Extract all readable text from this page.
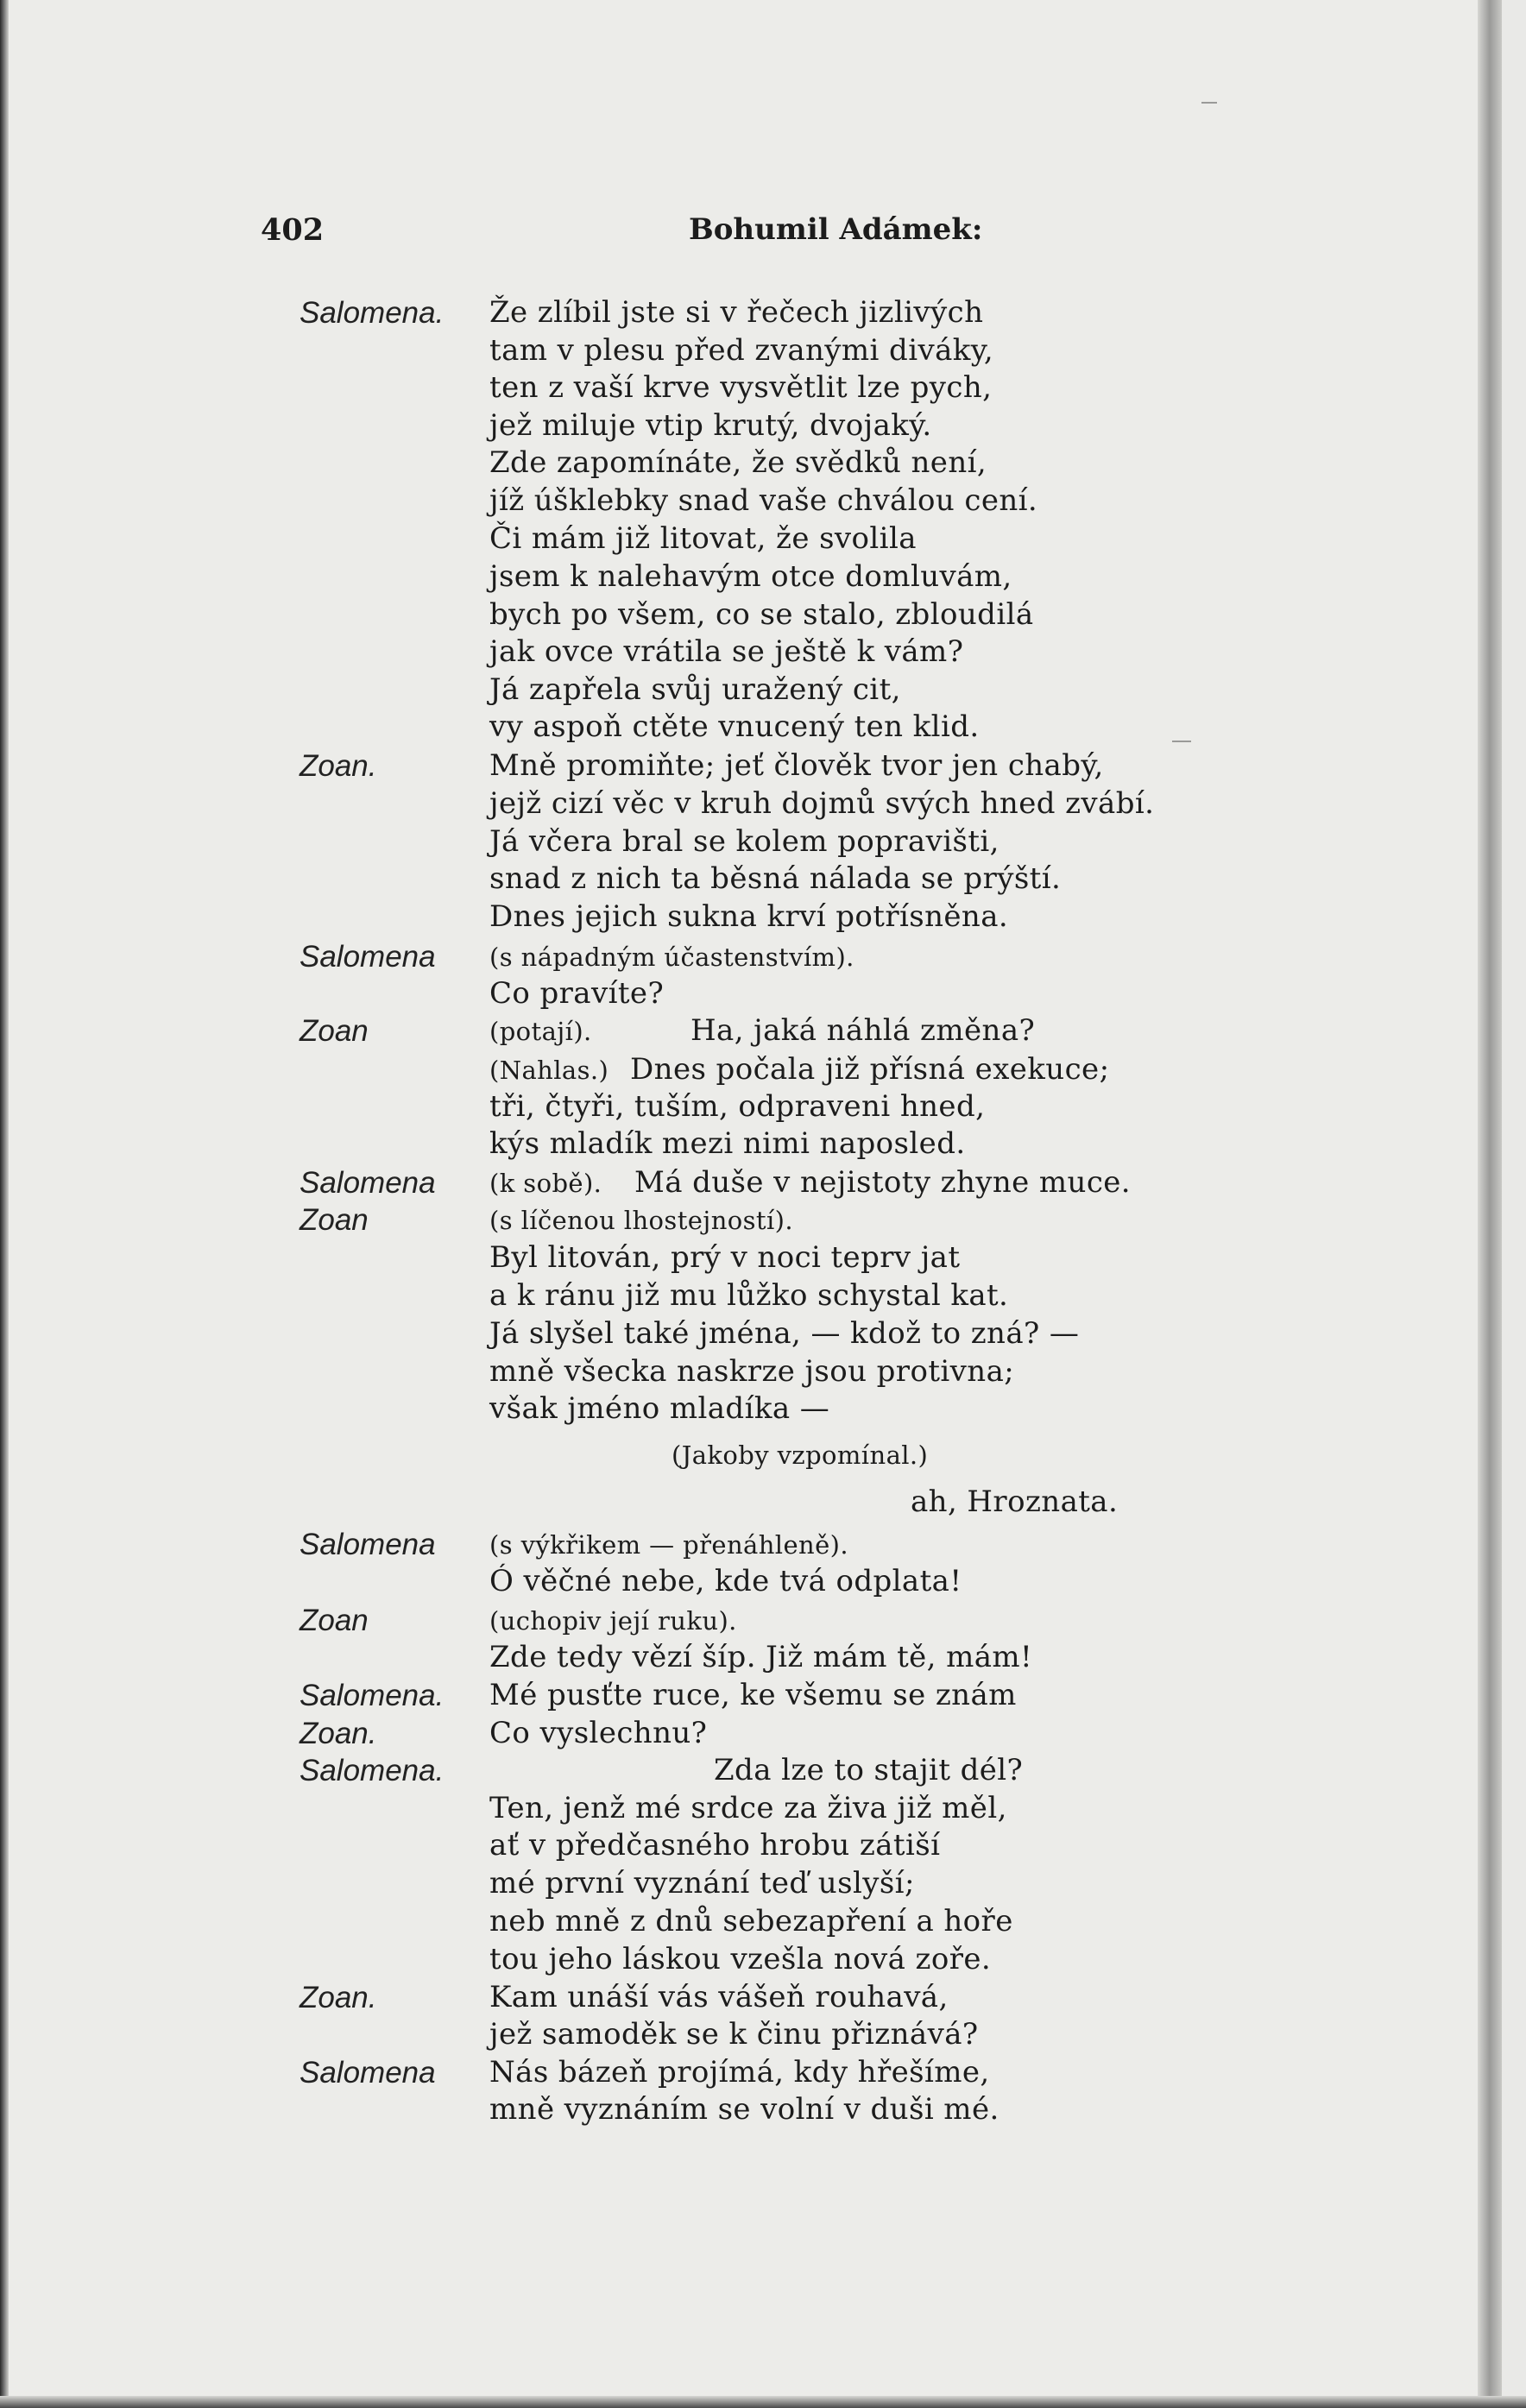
402	Bohumil Adámek:
Že zlíbil jste si v řečech jizlivých
tam v plesu před zvanými diváky,
ten z vaší krve vysvětlit lze pych,
jež miluje vtip krutý, dvojaký.
Zde zapomínáte, že svědků není,
jíž úšklebky snad vaše chválou cení.
Či mám již litovat, že svolila
jsem k nalehavým otce domluvám,
bych po všem, co se stalo, zbloudilá
jak ovce vrátila se ještě k vám?
Já zapřela svůj uražený cit,
vy aspoň ctěte vnucený ten klid.
Mně promiňte; jeť člověk tvor jen chabý,
jejž cizí věc v kruh dojmů svých hned zvábí.
Já včera bral se kolem popravišti,
snad z nich ta běsná nálada se prýští.
Dnes jejich sukna krví potřísněna.
(s nápadným účastenstvím).
Co pravíte?
(potají).	Ha, jaká náhlá změna?
(Nahlas.) Dnes počala již přísná exekuce;
tři, čtyři, tuším, odpraveni hned,
kýs mladík mezi nimi naposled.
(k sobě). Má duše v nejistoty zhyne muce.
(s líčenou lhostejností).
Byl litován, prý v noci teprv jat
a k ránu již mu lůžko schystal kat.
Já slyšel také jména, — kdož to zná? —
mně všecka naskrze jsou protivna;
však jméno mladíka —
(Jakoby vzpomínal.)
ah, Hroznata.
(s výkřikem — přenáhleně).
Ó věčné nebe, kde tvá odplata!
(uchopiv její ruku).
Zde tedy vězí šíp. Již mám tě, mám!
Mé pusťte ruce, ke všemu se znám
Co vyslechnu?
Zda lze to stajit dél?
Ten, jenž mé srdce za živa již měl,
ať v předčasného hrobu zátiší
mé první vyznání teď uslyší;
neb mně z dnů sebezapření a hoře
tou jeho láskou vzešla nová zoře.
Kam unáší vás vášeň rouhavá,
jež samoděk se k činu přiznává?
Nás bázeň projímá, kdy hřešíme,
mně vyznáním se volní v duši mé.
Salomena.
Zoan.
Salomena
Zoan
Salomena
Zoan
Salomena
Zoan
Salomena.
Zoan.
Salomena.
Zoan.
Salomena
